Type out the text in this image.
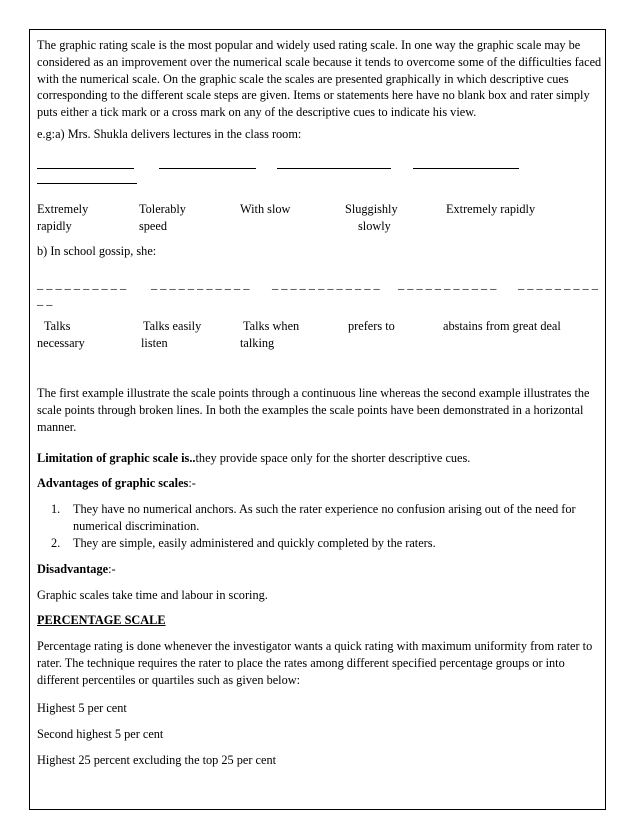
The graphic rating scale is the most popular and widely used rating scale. In one way the graphic scale may be considered as an improvement over the numerical scale because it tends to overcome some of the difficulties faced with the numerical scale. On the graphic scale the scales are presented graphically in which descriptive cues corresponding to the different scale steps are given. Items or statements here have no blank box and rater simply puts either a tick mark or a cross mark on any of the descriptive cues to indicate his view.

e.g:a) Mrs. Shukla delivers lectures in the class room:

Extremely	Tolerably	With slow	Sluggishly	Extremely rapidly
rapidly	speed	slowly

b) In school gossip, she:

_ _ _ _ _ _ _ _ _ _ _ _ _ _ _ _ _ _ _ _ _ _ _ _ _ _ _ _ _ _ _ _ _ _ _ _ _ _ _ _ _ _ _ _ _ _ _ _ _ _ _ _ _
_ _
Talks	Talks easily	Talks when	prefers to	abstains from great deal
necessary	listen	talking

The first example illustrate the scale points through a continuous line whereas the second example illustrates the scale points through broken lines. In both the examples the scale points have been demonstrated in a horizontal manner.

Limitation of graphic scale is..they provide space only for the shorter descriptive cues.

Advantages of graphic scales:-

1. They have no numerical anchors. As such the rater experience no confusion arising out of the need for numerical discrimination.
2. They are simple, easily administered and quickly completed by the raters.

Disadvantage:-

Graphic scales take time and labour in scoring.

PERCENTAGE SCALE

Percentage rating is done whenever the investigator wants a quick rating with maximum uniformity from rater to rater. The technique requires the rater to place the rates among different specified percentage groups or into different percentiles or quartiles such as given below:

Highest 5 per cent

Second highest 5 per cent

Highest 25 percent excluding the top 25 per cent
